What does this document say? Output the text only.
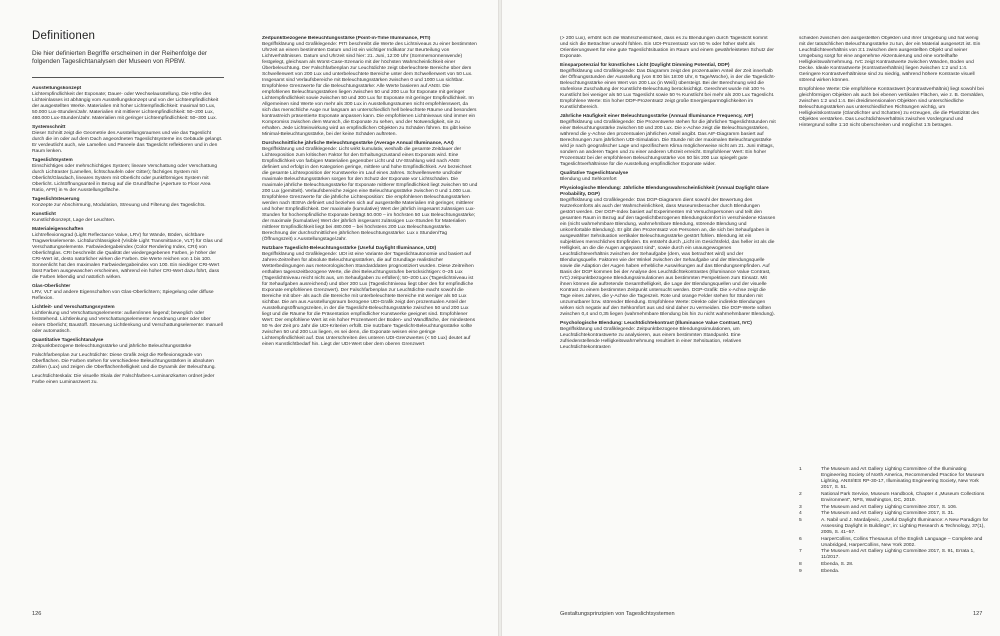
Definitionen
Die hier definierten Begriffe erscheinen in der Reihenfolge der folgenden Tageslichtanalysen der Museen von RPBW.

Ausstellungskonzept
Lichtempfindlichkeit der Exponate; Dauer- oder Wechselausstellung. Die Höhe des Lichteinlasses ist abhängig vom Ausstellungskonzept und von der Lichtempfindlichkeit der ausgestellten Werke. Materialien mit hoher Lichtempfindlichkeit: maximal 50 Lux, 50.000 Lux-Stunden/Jahr. Materialien mit mittlerer Lichtempfindlichkeit: 50–200 Lux, 480.000 Lux-Stunden/Jahr. Materialien mit geringer Lichtempfindlichkeit: 50–300 Lux.

Systemschnitt
Dieser Schnitt zeigt die Geometrie des Ausstellungsraumes und wie das Tageslicht durch die im oder auf dem Dach angeordneten Tageslichtsysteme ins Gebäude gelangt. Er verdeutlicht auch, wie Lamellen und Paneele das Tageslicht reflektieren und in den Raum lenken.

Tageslichtsystem
Einschichtiges oder mehrschichtiges System; lineare Verschattung oder Verschattung durch Lichtraster (Lamellen, lichtschaufeln oder Gitter); fächriges System mit Oberlicht/Glasdach, lineares System mit Oberlicht oder punktförmiges System mit Oberlicht. Lichtöffnungsanteil in Bezug auf die Grundfläche (Aperture to Floor Area Ratio, AFR) in % der Ausstellungsfläche.

Tageslichtsteuerung
Konzepte zur Abschirmung, Modulation, Streuung und Filterung des Tageslichts.

Kunstlicht
Kunstlichtkonzept, Lage der Leuchten.

Materialeigenschaften
Lichtreflexionsgrad (Light Reflectance Value, LRV) für Wände, Böden, sichtbare Tragwerkselemente. Lichtdurchlässigkeit (Visible Light Transmittance, VLT) für Glas und Verschattungselemente. Farbwiedergabeindex (Color Rendering Index, CRI) von Oberlichtglas. CRI beschreibt die Qualität der wiedergegebenen Farben, je höher der CRI-Wert ist, desto natürlicher wirken die Farben. Die Werte reichen von 1 bis 100. Sonnenlicht hat den maximalen Farbwiedergabeindex von 100. Ein niedriger CRI-Wert lässt Farben ausgewaschen erscheinen, während ein hoher CRI-Wert dazu führt, dass die Farben lebendig und natürlich wirken.

Glas-Oberlichter
LRV, VLT und andere Eigenschaften von Glas-Oberlichtern; Spiegelung oder diffuse Reflexion.

Lichtleit- und Verschattungssystem
Lichtlenkung und Verschattungselemente: außen/innen liegend; beweglich oder feststehend. Lichtlenkung und Verschattungselemente: Anordnung unter oder über einem Oberlicht; Baustoff. Steuerung Lichtlenkung und Verschattungselemente: manuell oder automatisch.

Quantitative Tageslichtanalyse
Zeitpunktbezogene Beleuchtungsstärke und jährliche Beleuchtungsstärke

Falschfarbenplan zur Leuchtdichte: Diese Grafik zeigt die Reflexionsgrade von Oberflächen. Die Farben stehen für verschiedene Beleuchtungsstärken in absoluten Zahlen (Lux) und zeigen die Oberflächenhelligkeit und die Dynamik der Beleuchtung.

Leuchtdichteskala: Die visuelle Skala der Falschfarben-Luminanzkarten ordnet jeder Farbe einen Luminanzwert zu.

Zeitpunktbezogene Beleuchtungsstärke (Point-in-Time Illuminance, PITI)
Begriffsklärung und Grafiklegende: PITI beschreibt die Werte des Lichtniveaus zu einer bestimmten Uhrzeit an einem bestimmten Datum und ist ein wichtiger Indikator zur Beurteilung von Lichtverhältnissen. Datum und Uhrzeit sind hier: 21. Juni, 12:00 Uhr (Sommersonnenwende) festgelegt, gleichsam als Worst-Case-Szenario mit der höchsten Wahrscheinlichkeit einer Überbeleuchtung. Der Falschfarbenplan zur Leuchtdichte zeigt überleuchtete Bereiche über dem Schwellenwert von 200 Lux und unterbeleuchtete Bereiche unter dem Schwellenwert von 50 Lux. Insgesamt sind Verlaufsbereiche mit Beleuchtungsstärken zwischen 0 und 1000 Lux sichtbar. Empfohlene Grenzwerte für die Beleuchtungsstärke: Alle Werte basieren auf ANSI. Die empfohlenen Beleuchtungsstärken liegen zwischen 50 und 200 Lux für Exponate mit geringer Lichtempfindlichkeit sowie zwischen 50 und 300 Lux für Exponate mit geringer Empfindlichkeit. Im Allgemeinen sind Werte von mehr als 300 Lux in Ausstellungsräumen nicht empfehlenswert, da sich das menschliche Auge nur langsam an unterschiedlich hell beleuchtete Räume und besonders kontrastreich präsentierte Exponate anpassen kann. Die empfohlenen Lichtniveaus sind immer ein Kompromiss zwischen dem Wunsch, die Exponate zu sehen, und der Notwendigkeit, sie zu erhalten. Jede Lichteinwirkung wird an empfindlichen Objekten zu Schäden führen. Es gibt keine Minimal-Beleuchtungsstärke, bei der keine Schäden auftreten.

Durchschnittliche jährliche Beleuchtungsstärke (Average Annual Illuminance, AAI)
Begriffsklärung und Grafiklegende: Licht wirkt kumulativ, weshalb die gesamte Zeitdauer der Lichtexposition zum kritischen Faktor für den Erhaltungszustand eines Exponats wird. Eine Empfindlichkeit von farbigen Materialien gegenüber Licht und UV-Strahlung wird nach ANSI definiert und erfolgt in den Kategorien geringe, mittlere und hohe Empfindlichkeit. AAI bezeichnet die gesamte Lichtexposition der Kunstwerke im Lauf eines Jahres. Schwellenwerte und/oder maximale Beleuchtungsstärken sorgen für den Schutz der Exponate vor Lichtschäden. Die maximale jährliche Beleuchtungsstärke für Exponate mittlerer Empfindlichkeit liegt zwischen 50 und 200 Lux (gemittelt). Verlaufsbereiche zeigen eine Beleuchtungsstärke zwischen 0 und 1.000 Lux. Empfohlene Grenzwerte für die jährliche Lichtexposition: Die empfohlenen Beleuchtungsstärken werden nach IESNA definiert und beziehen sich auf ausgestellte Materialien mit geringer, mittlerer und hoher Empfindlichkeit. Der maximale (kumulative) Wert der jährlich insgesamt zulässigen Lux-Stunden für hochempfindliche Exponate beträgt 50.000 – im höchsten 50 Lux Beleuchtungsstärke; der maximale (kumulative) Wert der jährlich insgesamt zulässigen Lux-Stunden für Materialien mittlerer Empfindlichkeit liegt bei 480.000 – bei höchstens 200 Lux Beleuchtungsstärke. Berechnung der durchschnittlichen jährlichen Beleuchtungsstärke: Lux x Stunden/Tag (Öffnungszeit) x Ausstellungstage/Jahr.

Nutzbare Tageslicht-Beleuchtungsstärke (Useful Daylight Illuminance, UDI)
Begriffsklärung und Grafiklegende: UDI ist eine Variante der Tageslichtautonomie und basiert auf Jahres-Zeitreihen für absolute Beleuchtungsstärken, die auf Grundlage realistischer Wetterbedingungen aus meteorologischen Standarddaten prognostiziert wurden. Diese Zeitreihen enthalten tagesszeitbezogene Werte, die drei Beleuchtungsstufen berücksichtigen: 0–25 Lux (Tageslichtniveau reicht nicht aus, um Sehaufgaben zu erfüllen); 50–200 Lux (Tageslichtniveau ist für Sehaufgaben ausreichend) und über 200 Lux (Tageslichtniveau liegt über den für empfindliche Exponate empfohlenen Grenzwert). Der Falschfarbenplan zur Leuchtdichte macht sowohl die Bereiche mit über- als auch die Bereiche mit unterbeleuchtete Bereiche mit weniger als 50 Lux sichtbar. Die am aus Ausstellungsraum bezogene UDI-Grafik zeigt den prozentualen Anteil der Ausstellungsöffnungszeiten, in der die Tageslicht-Beleuchtungsstärke zwischen 50 und 200 Lux liegt und die Räume für die Präsentation empfindlicher Kunstwerke geeignet sind. Empfohlener Wert: Der empfohlene Wert ist ein hoher Prozentwert der Boden- und Wandfläche, der mindestens 50 % der Zeit pro Jahr die UDI-Kriterien erfüllt. Die nutzbare Tageslicht-Beleuchtungsstärke sollte zwischen 50 und 200 Lux liegen, es sei denn, die Exponate weisen eine geringe Lichtempfindlichkeit auf. Das Unterschreiten des unteren UDI-Grenzwertes (< 50 Lux) deutet auf einen Kunstlichtbedarf hin. Liegt der UDI-Wert über dem oberen Grenzwert

126

(> 200 Lux), erhöht sich die Wahrscheinlichkeit, dass es zu Blendungen durch Tageslicht kommt und sich die Betrachter unwohl fühlen. Ein UDI-Prozentsatz von 50 % oder höher steht als Orientierungswert für eine gute Tageslichtsituation im Raum und einem gewährleisteten Schutz der Exponate.

Einsparpotenzial für künstliches Licht (Daylight Dimming Potential, DDP)
Begriffsklärung und Grafiklegende: Das Diagramm zeigt den prozentualen Anteil der Zeit innerhalb der Öffnungsstunden der Ausstellung (von 8:00 bis 18:00 Uhr, 6 Tage/Woche), in der die Tageslicht-Beleuchtungsstärke einen Wert von 200 Lux (in Weiß) übersteigt. Bei der Berechnung wird die stufenlose Zuschaltung der Kunstlicht-Beleuchtung berücksichtigt. Gerechnet wurde mit 100 % Kunstlicht bei weniger als 50 Lux Tageslicht sowie 50 % Kunstlicht bei mehr als 200 Lux Tageslicht. Empfohlene Werte: Ein hoher DDP-Prozentsatz zeigt große Energiesparmöglichkeiten im Kunstlichtbereich.

Jährliche Häufigkeit einer Beleuchtungsstärke (Annual Illuminance Frequency, AIF)
Begriffsklärung und Grafiklegende: Die Prozentwerte stehen für die jährlichen Tageslichtstunden mit einer Beleuchtungsstärke zwischen 50 und 200 Lux. Die x-Achse zeigt die Beleuchtungsstärken, während die y-Achse den prozentualen jährlichen Anteil angibt. Das AIF-Diagramm basiert auf Berechnungen zum jährlichen UDI-Simulation. Die Stunde mit der maximalen Beleuchtungsstärke wird je nach geografischer Lage und spezifischem Klima möglicherweise nicht am 21. Juni mittags, sondern an anderen Tagen und zu einer anderen Uhrzeit erreicht. Empfohlener Wert: Ein hoher Prozentsatz bei der empfohlenen Beleuchtungsstärke von 50 bis 200 Lux spiegelt gute Tageslichtverhältnisse für die Ausstellung empfindlicher Exponate wider.

Qualitative Tageslichtanalyse
Blendung und Sehkomfort

Physiologische Blendung: Jährliche Blendungswahrscheinlichkeit (Annual Daylight Glare Probability, DGP)
Begriffsklärung und Grafiklegende: Das DGP-Diagramm dient sowohl der Bewertung des Nutzerkomforts als auch der Wahrscheinlichkeit, dass Museumsbesucher durch Blendungen gestört werden. Der DGP-Index basiert auf Experimenten mit Versuchspersonen und teilt den gesamten Raum in Bezug auf den tageslichtbezogenen Blendungskomfort in verschiedene Klassen ein (nicht wahrnehmbare Blendung, wahrnehmbare Blendung, störende Blendung und unkomfortable Blendung). Er gibt den Prozentsatz von Personen an, die sich bei Sehaufgaben in ausgewählter Sehsituation vertikaler Beleuchtungsstärke gestört fühlen. Blendung ist ein subjektives menschliches Empfinden. Es entsteht durch „Licht im Gesichtsfeld, das heller ist als die Helligkeit, an die die Augen angepasst sind“, sowie durch ein unausgewogenes Leuchtdichteverhältnis zwischen der Sehaufgabe (dem, was betrachtet wird) und der Blendungsquelle. Faktoren wie der Winkel zwischen der Sehaufgabe und der Blendungsquelle sowie die Adaption der Augen haben erhebliche Auswirkungen auf das Blendungsempfinden. Auf Basis der DGP kommen bei der Analyse des Leuchtdichtekontrastes (Illuminance Value Contrast, IVC) zeitpunktbezogene Blendungssimulationen aus bestimmten Perspektiven zum Einsatz. Mit ihnen können die auftretende Gesamthelligkeit, die Lage der Blendungsquellen und der visuelle Kontrast zu einem bestimmten Zeitpunkt untersucht werden. DGP-Grafik: Die x-Achse zeigt die Tage eines Jahres, die y-Achse die Tageszeit. Rote und orange Felder stehen für Stunden mit unzumutbarer bzw. störender Blendung. Empfohlene Werte: Direkte oder indirekte Blendungen wirken sich negativ auf den Sehkomfort aus und sind daher zu vermeiden. Die DGP-Werte sollten zwischen 0,4 und 0,35 liegen (wahrnehmbare Blendung bis hin zu nicht wahrnehmbarer Blendung).

Psychologische Blendung: Leuchtdichtekontrast (Illuminance Value Contrast, IVC)
Begriffsklärung und Grafiklegende: Zeitpunktbezogene Blendungssimulationen, um Leuchtdichtekontrastwerte zu analysieren, aus einem bestimmten Standpunkt. Eine zufriedenstellende Helligkeitswahrnehmung resultiert in einer Sehsituation, relativen Leuchtdichtekontrasten

schieden zwischen den ausgestellten Objekten und ihrer Umgebung und hat wenig mit der tatsächlichen Beleuchtungsstärke zu tun, der ein Material ausgesetzt ist. Ein Leuchtdichteverhältnis von 3:1 zwischen dem ausgestellten Objekt und seiner Umgebung sorgt für eine angenehme Akzentuierung und eine vorteilhafte Helligkeitswahrnehmung. IVC zeigt Kontrastwerte zwischen Wänden, Boden und Decke. Ideale Kontrastwerte (Kontrastverhältnis) liegen zwischen 1:2 und 1:4. Geringere Kontrastverhältnisse sind zu niedrig, während höhere Kontraste visuell störend wirken können.

Empfohlene Werte: Die empfohlene Kontrastwert (Kontrastverhältnis) liegt sowohl bei gleichförmigen Objekten als auch bei ebenen vertikalen Flächen, wie z. B. Gemälden, zwischen 1:2 und 1:4. Bei dreidimensionalen Objekten sind unterschiedliche Beleuchtungsstärken aus unterschiedlichen Richtungen wichtig, um Helligkeitskontraste (Glanzlichter und Schatten) zu erzeugen, die die Plastizität des Objektes verstärken. Das Leuchtdichteverhältnis zwischen Vordergrund und Hintergrund sollte 1:10 nicht überschreiten und möglichst 1:5 betragen.

1	The Museum and Art Gallery Lighting Committee of the Illuminating Engineering Society of North America, Recommended Practice for Museum Lighting, ANSI/IES RP-30-17, Illuminating Engineering Society, New York 2017, S. 51.
2	National Park Service, Museum Handbook, Chapter 4 „Museum Collections Environment“, NPS, Washington, DC, 2019.
3	The Museum and Art Gallery Lighting Committee 2017, S. 106.
4	The Museum and Art Gallery Lighting Committee 2017, S. 31.
5	A. Nabil und J. Mardaljevic, „Useful Daylight Illuminance: A New Paradigm for Assessing Daylight in Buildings“, in: Lighting Research & Technology, 37(1), 2005, S. 41–57.
6	HarperCollins, Collins Thesaurus of the English Language – Complete and Unabridged, HarperCollins, New York 2002.
7	The Museum and Art Gallery Lighting Committee 2017, S. 91, Errata 1, 11/2017.
8	Ebenda, S. 28.
9	Ebenda.
Gestaltungsprinzipien von Tageslichtsystemen	127
